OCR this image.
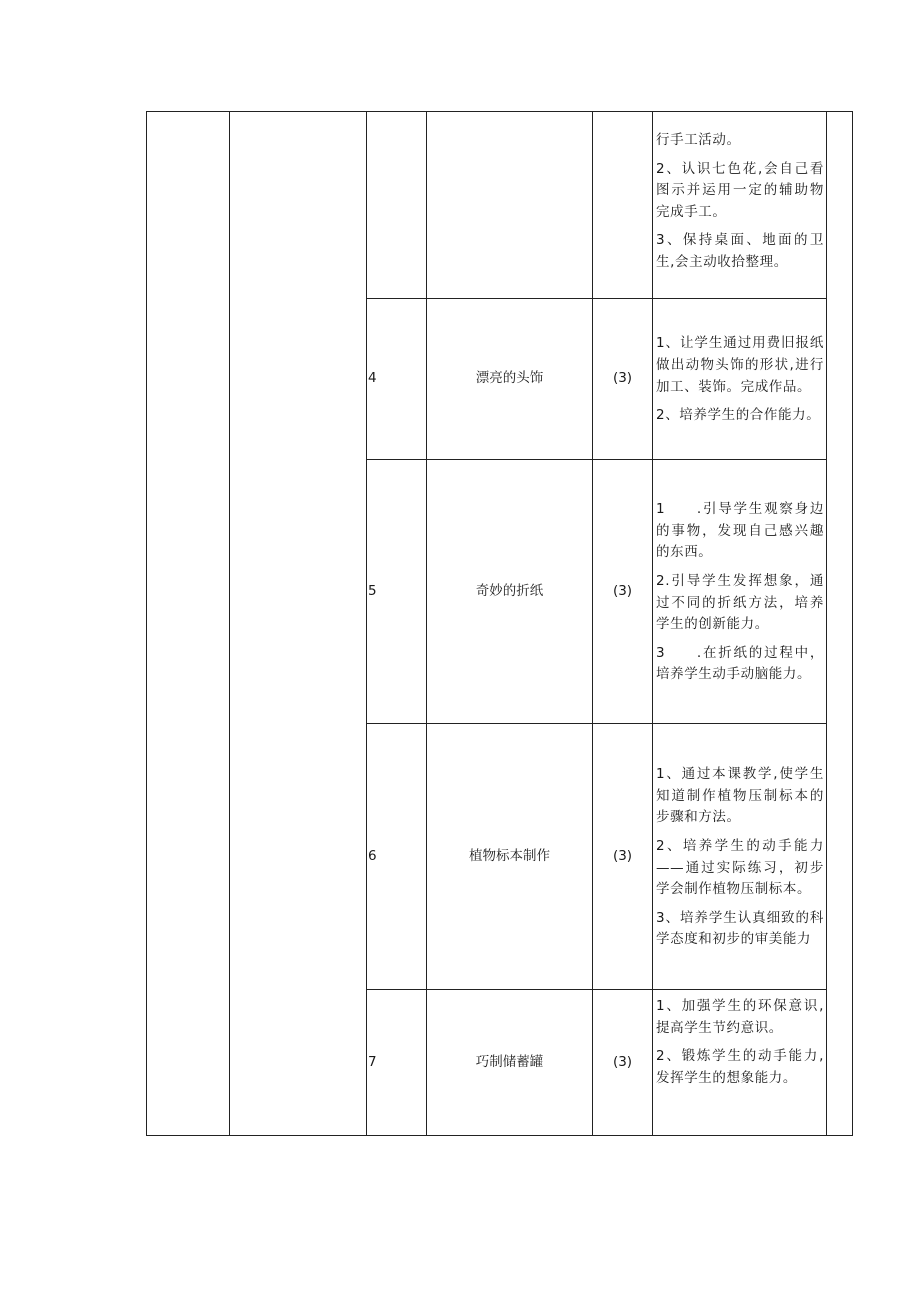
					行手工活动。

2、认识七色花,会自己看图示并运用一定的辅助物完成手工。

3、保持桌面、地面的卫生,会主动收拾整理。	

		4	漂亮的头饰	(3)	1、让学生通过用费旧报纸做出动物头饰的形状,进行加工、装饰。完成作品。

2、培养学生的合作能力。	

		5	奇妙的折纸	(3)	1　　.引导学生观察身边的事物，发现自己感兴趣的东西。

2.引导学生发挥想象，通过不同的折纸方法，培养学生的创新能力。

3　　.在折纸的过程中，培养学生动手动脑能力。	

		6	植物标本制作	(3)	1、通过本课教学,使学生知道制作植物压制标本的步骤和方法。

2、培养学生的动手能力——通过实际练习，初步学会制作植物压制标本。

3、培养学生认真细致的科学态度和初步的审美能力	

		7	巧制储蓄罐	(3)	1、加强学生的环保意识,提高学生节约意识。

2、锻炼学生的动手能力,发挥学生的想象能力。	
